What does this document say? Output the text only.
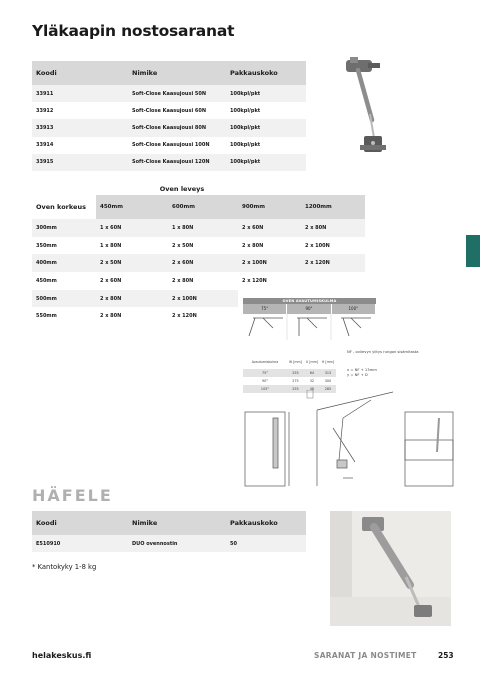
Yläkaapin nostosaranat
Koodi	Nimike	Pakkauskoko
33911	Soft-Close Kaasujousi 50N	100kpl/pkt
33912	Soft-Close Kaasujousi 60N	100kpl/pkt
33913	Soft-Close Kaasujousi 80N	100kpl/pkt
33914	Soft-Close Kaasujousi 100N	100kpl/pkt
33915	Soft-Close Kaasujousi 120N	100kpl/pkt
Oven leveys
Oven korkeus	450mm	600mm	900mm	1200mm
300mm	1 x 60N	1 x 80N	2 x 60N	2 x 80N
350mm	1 x 80N	2 x 50N	2 x 80N	2 x 100N
400mm	2 x 50N	2 x 60N	2 x 100N	2 x 120N
450mm	2 x 60N	2 x 80N	2 x 120N	
500mm	2 x 80N	2 x 100N		
550mm	2 x 80N	2 x 120N		
OVEN AVAUTUMISKULMA
75°	90°	100°
Avautumiskulma	W [mm]	U [mm]	H [mm]
75°	255	64	313
90°	275	32	300
105°	255	48	285
NF - ovilevyn ylitys rungon sisämitasta
x = NF + 13mm
y = NF + D
HÄFELE
Koodi	Nimike	Pakkauskoko
E510910	DUO ovennostin	50
* Kantokyky 1-8 kg
helakeskus.fi	SARANAT JA NOSTIMET	253
